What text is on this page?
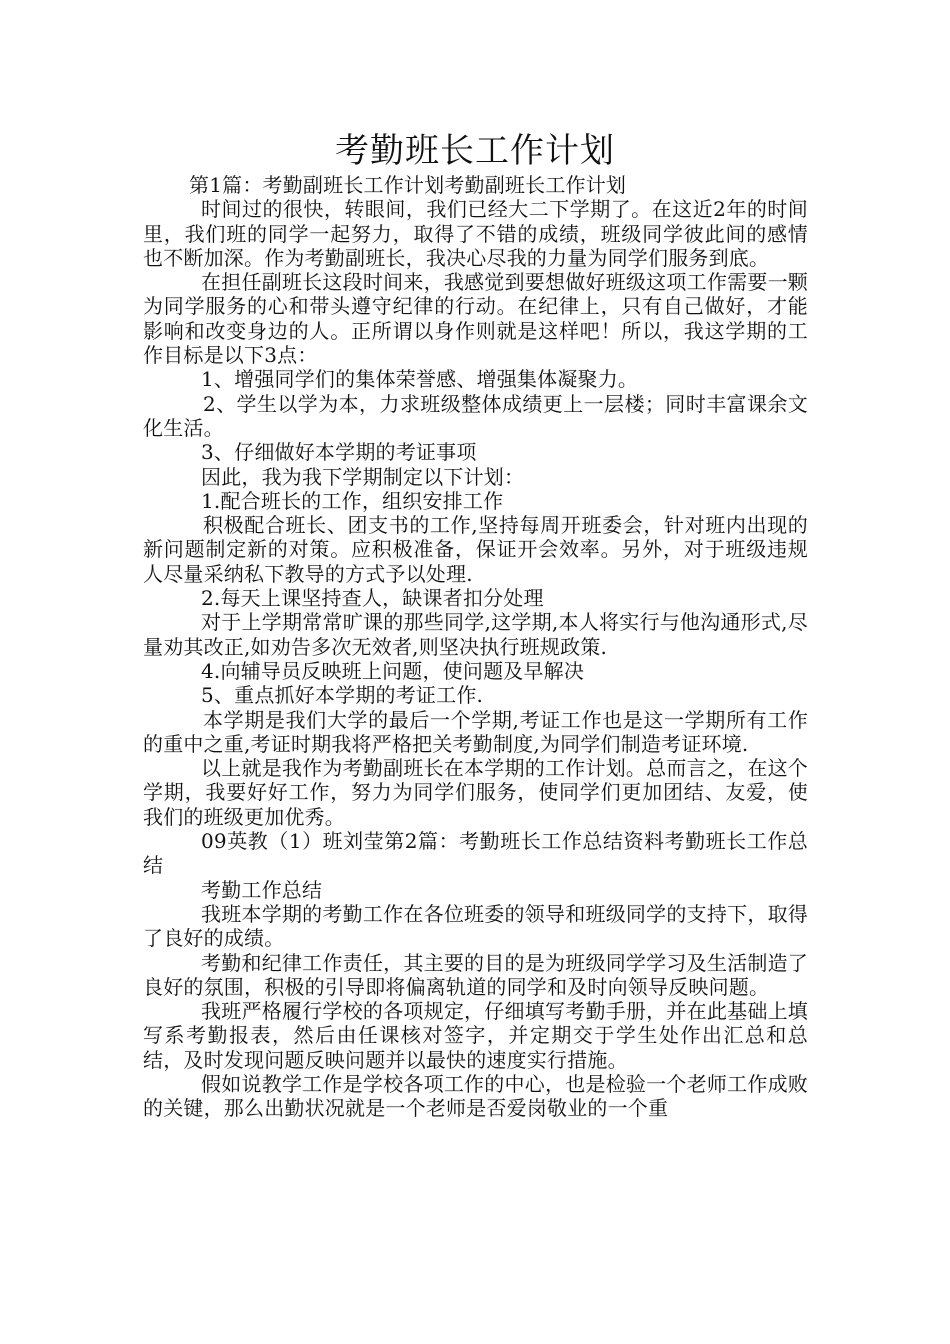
考勤班长工作计划

第1篇：考勤副班长工作计划考勤副班长工作计划

时间过的很快，转眼间，我们已经大二下学期了。在这近2年的时间里，我们班的同学一起努力，取得了不错的成绩，班级同学彼此间的感情也不断加深。作为考勤副班长，我决心尽我的力量为同学们服务到底。

在担任副班长这段时间来，我感觉到要想做好班级这项工作需要一颗为同学服务的心和带头遵守纪律的行动。在纪律上，只有自己做好，才能影响和改变身边的人。正所谓以身作则就是这样吧！所以，我这学期的工作目标是以下3点：

1、增强同学们的集体荣誉感、增强集体凝聚力。

2、学生以学为本，力求班级整体成绩更上一层楼；同时丰富课余文化生活。

3、仔细做好本学期的考证事项

因此，我为我下学期制定以下计划：

1.配合班长的工作，组织安排工作

积极配合班长、团支书的工作,坚持每周开班委会，针对班内出现的新问题制定新的对策。应积极准备，保证开会效率。另外，对于班级违规人尽量采纳私下教导的方式予以处理.

2.每天上课坚持查人，缺课者扣分处理

对于上学期常常旷课的那些同学,这学期,本人将实行与他沟通形式,尽量劝其改正,如劝告多次无效者,则坚决执行班规政策.

4.向辅导员反映班上问题，使问题及早解决

5、重点抓好本学期的考证工作.

本学期是我们大学的最后一个学期,考证工作也是这一学期所有工作的重中之重,考证时期我将严格把关考勤制度,为同学们制造考证环境.

以上就是我作为考勤副班长在本学期的工作计划。总而言之，在这个学期，我要好好工作，努力为同学们服务，使同学们更加团结、友爱，使我们的班级更加优秀。

09英教（1）班刘莹第2篇：考勤班长工作总结资料考勤班长工作总结

考勤工作总结

我班本学期的考勤工作在各位班委的领导和班级同学的支持下，取得了良好的成绩。

考勤和纪律工作责任，其主要的目的是为班级同学学习及生活制造了良好的氛围，积极的引导即将偏离轨道的同学和及时向领导反映问题。

我班严格履行学校的各项规定，仔细填写考勤手册，并在此基础上填写系考勤报表，然后由任课核对签字，并定期交于学生处作出汇总和总结，及时发现问题反映问题并以最快的速度实行措施。

假如说教学工作是学校各项工作的中心，也是检验一个老师工作成败的关键，那么出勤状况就是一个老师是否爱岗敬业的一个重
